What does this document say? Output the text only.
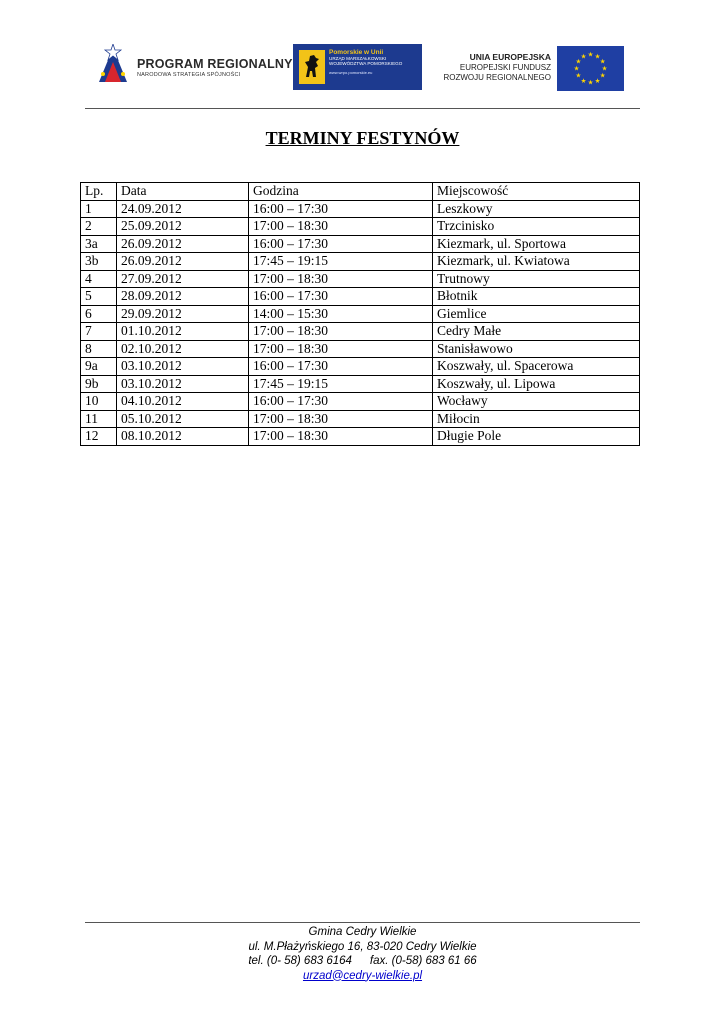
PROGRAM REGIONALNY
NARODOWA STRATEGIA SPÓJNOŚCI
Pomorskie w Unii
URZĄD MARSZAŁKOWSKI
WOJEWÓDZTWA POMORSKIEGO
www.wrpo.pomorskie.eu
UNIA EUROPEJSKA
EUROPEJSKI FUNDUSZ
ROZWOJU REGIONALNEGO
★
★
★
★
★
★
★
★
★ ★ ★
★
TERMINY FESTYNÓW
Lp.	Data	Godzina	Miejscowość
1	24.09.2012	16:00 – 17:30	Leszkowy
2	25.09.2012	17:00 – 18:30	Trzcinisko
3a	26.09.2012	16:00 – 17:30	Kiezmark, ul. Sportowa
3b	26.09.2012	17:45 – 19:15	Kiezmark, ul. Kwiatowa
4	27.09.2012	17:00 – 18:30	Trutnowy
5	28.09.2012	16:00 – 17:30	Błotnik
6	29.09.2012	14:00 – 15:30	Giemlice
7	01.10.2012	17:00 – 18:30	Cedry Małe
8	02.10.2012	17:00 – 18:30	Stanisławowo
9a	03.10.2012	16:00 – 17:30	Koszwały, ul. Spacerowa
9b	03.10.2012	17:45 – 19:15	Koszwały, ul. Lipowa
10	04.10.2012	16:00 – 17:30	Wocławy
11	05.10.2012	17:00 – 18:30	Miłocin
12	08.10.2012	17:00 – 18:30	Długie Pole
Gmina Cedry Wielkie
ul. M.Płażyńskiego 16, 83-020 Cedry Wielkie
tel. (0- 58) 683 6164 fax. (0-58) 683 61 66
urzad@cedry-wielkie.pl
